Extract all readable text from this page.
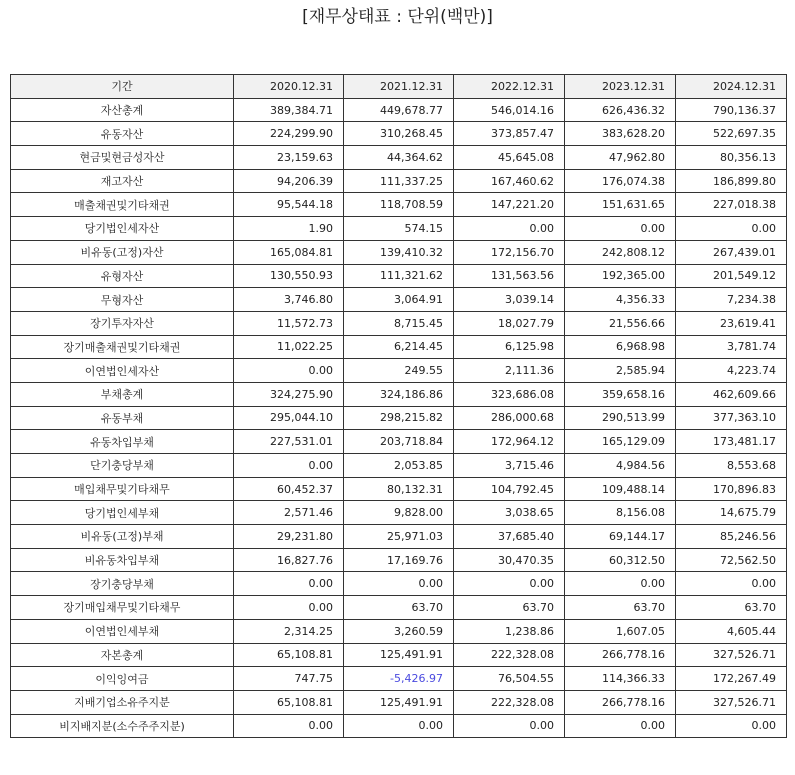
[재무상태표 : 단위(백만)]
기간	2020.12.31	2021.12.31	2022.12.31	2023.12.31	2024.12.31
자산총계	389,384.71	449,678.77	546,014.16	626,436.32	790,136.37
유동자산	224,299.90	310,268.45	373,857.47	383,628.20	522,697.35
현금및현금성자산	23,159.63	44,364.62	45,645.08	47,962.80	80,356.13
재고자산	94,206.39	111,337.25	167,460.62	176,074.38	186,899.80
매출채권및기타채권	95,544.18	118,708.59	147,221.20	151,631.65	227,018.38
당기법인세자산	1.90	574.15	0.00	0.00	0.00
비유동(고정)자산	165,084.81	139,410.32	172,156.70	242,808.12	267,439.01
유형자산	130,550.93	111,321.62	131,563.56	192,365.00	201,549.12
무형자산	3,746.80	3,064.91	3,039.14	4,356.33	7,234.38
장기투자자산	11,572.73	8,715.45	18,027.79	21,556.66	23,619.41
장기매출채권및기타채권	11,022.25	6,214.45	6,125.98	6,968.98	3,781.74
이연법인세자산	0.00	249.55	2,111.36	2,585.94	4,223.74
부채총계	324,275.90	324,186.86	323,686.08	359,658.16	462,609.66
유동부채	295,044.10	298,215.82	286,000.68	290,513.99	377,363.10
유동차입부채	227,531.01	203,718.84	172,964.12	165,129.09	173,481.17
단기충당부채	0.00	2,053.85	3,715.46	4,984.56	8,553.68
매입채무및기타채무	60,452.37	80,132.31	104,792.45	109,488.14	170,896.83
당기법인세부채	2,571.46	9,828.00	3,038.65	8,156.08	14,675.79
비유동(고정)부채	29,231.80	25,971.03	37,685.40	69,144.17	85,246.56
비유동차입부채	16,827.76	17,169.76	30,470.35	60,312.50	72,562.50
장기충당부채	0.00	0.00	0.00	0.00	0.00
장기매입채무및기타채무	0.00	63.70	63.70	63.70	63.70
이연법인세부채	2,314.25	3,260.59	1,238.86	1,607.05	4,605.44
자본총계	65,108.81	125,491.91	222,328.08	266,778.16	327,526.71
이익잉여금	747.75	-5,426.97	76,504.55	114,366.33	172,267.49
지배기업소유주지분	65,108.81	125,491.91	222,328.08	266,778.16	327,526.71
비지배지분(소수주주지분)	0.00	0.00	0.00	0.00	0.00
